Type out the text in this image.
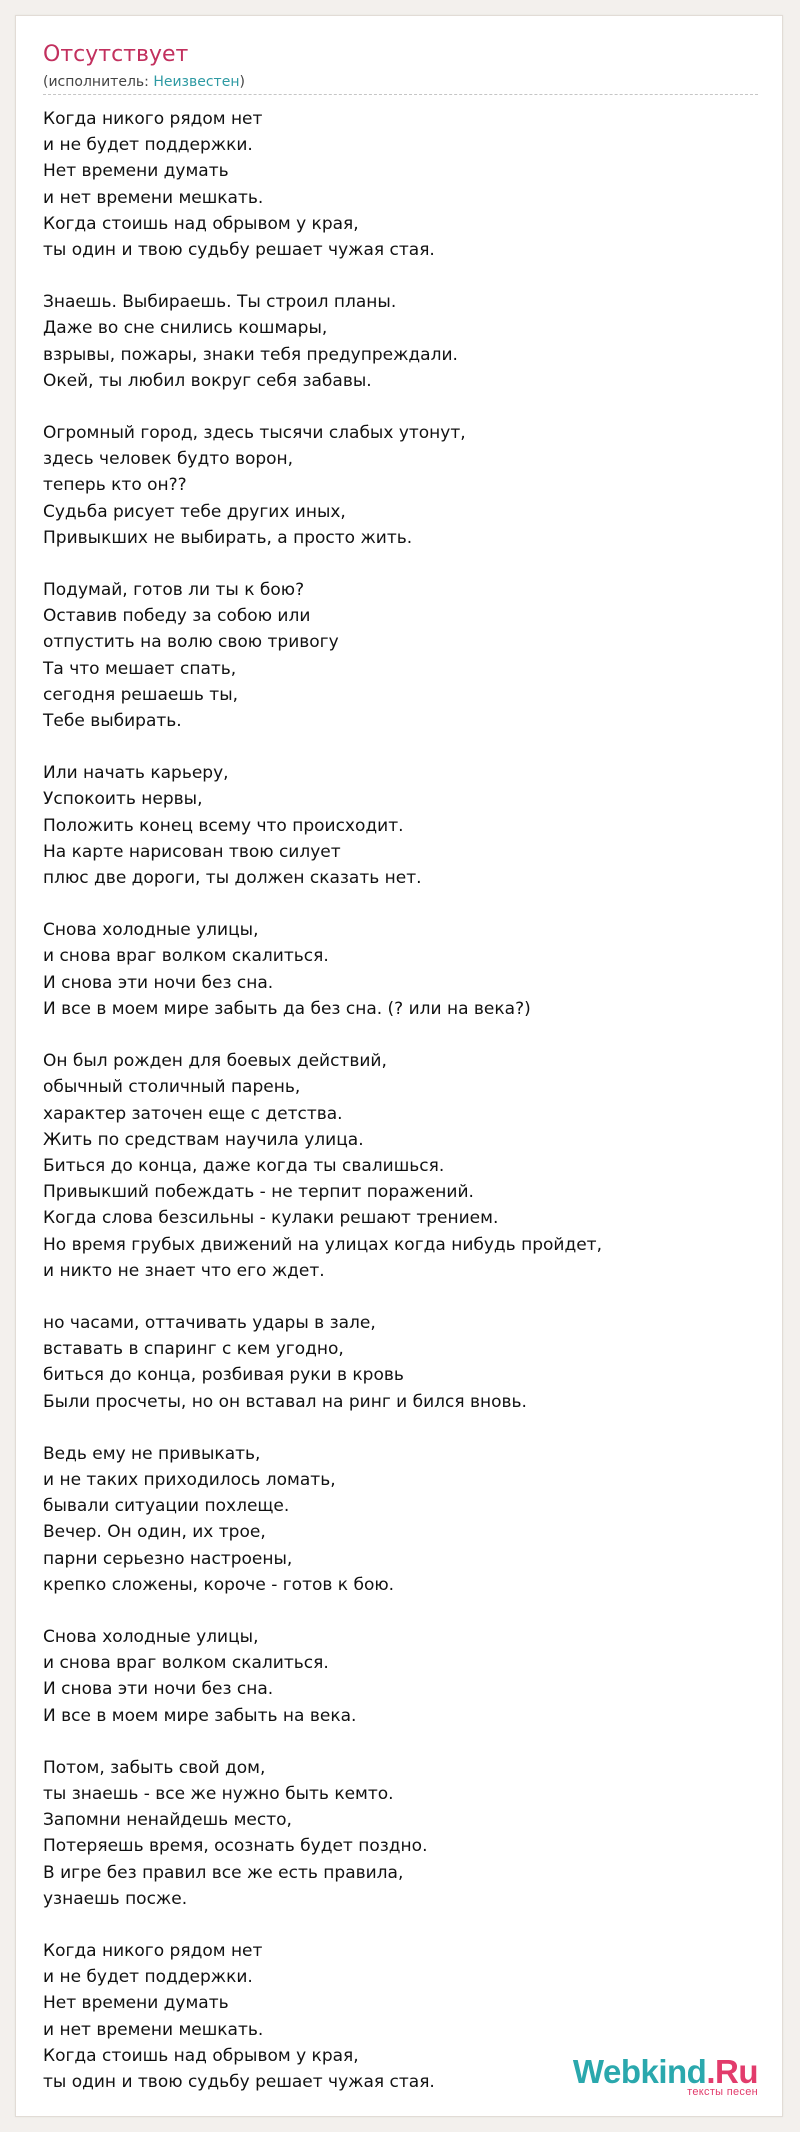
Отсутствует
(исполнитель: Неизвестен)
Когда никого рядом нет
и не будет поддержки.
Нет времени думать
и нет времени мешкать.
Когда стоишь над обрывом у края,
ты один и твою судьбу решает чужая стая.
Знаешь. Выбираешь. Ты строил планы.
Даже во сне снились кошмары,
взрывы, пожары, знаки тебя предупреждали.
Окей, ты любил вокруг себя забавы.
Огромный город, здесь тысячи слабых утонут,
здесь человек будто ворон,
теперь кто он??
Судьба рисует тебе других иных,
Привыкших не выбирать, а просто жить.
Подумай, готов ли ты к бою?
Оставив победу за собою или
отпустить на волю свою тривогу
Та что мешает спать,
сегодня решаешь ты,
Тебе выбирать.
Или начать карьеру,
Успокоить нервы,
Положить конец всему что происходит.
На карте нарисован твою силует
плюс две дороги, ты должен сказать нет.
Снова холодные улицы,
и снова враг волком скалиться.
И снова эти ночи без сна.
И все в моем мире забыть да без сна. (? или на века?)
Он был рожден для боевых действий,
обычный столичный парень,
характер заточен еще с детства.
Жить по средствам научила улица.
Биться до конца, даже когда ты свалишься.
Привыкший побеждать - не терпит поражений.
Когда слова безсильны - кулаки решают трением.
Но время грубых движений на улицах когда нибудь пройдет,
и никто не знает что его ждет.
но часами, оттачивать удары в зале,
вставать в спаринг с кем угодно,
биться до конца, розбивая руки в кровь
Были просчеты, но он вставал на ринг и бился вновь.
Ведь ему не привыкать,
и не таких приходилось ломать,
бывали ситуации похлеще.
Вечер. Он один, их трое,
парни серьезно настроены,
крепко сложены, короче - готов к бою.
Снова холодные улицы,
и снова враг волком скалиться.
И снова эти ночи без сна.
И все в моем мире забыть на века.
Потом, забыть свой дом,
ты знаешь - все же нужно быть кемто.
Запомни ненайдешь место,
Потеряешь время, осознать будет поздно.
В игре без правил все же есть правила,
узнаешь посже.
Когда никого рядом нет
и не будет поддержки.
Нет времени думать
и нет времени мешкать.
Когда стоишь над обрывом у края,
ты один и твою судьбу решает чужая стая.	Webkind.Ru
тексты песен
